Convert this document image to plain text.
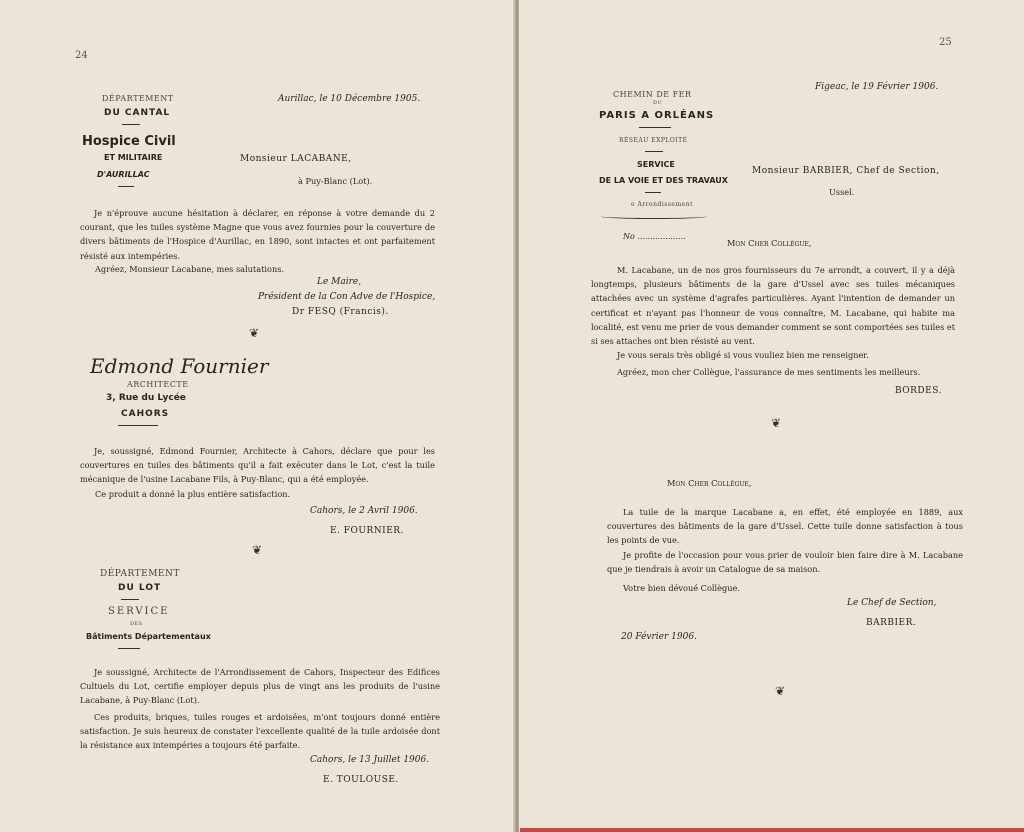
24
DÉPARTEMENT
DU CANTAL
Aurillac, le 10 Décembre 1905.
Hospice Civil
ET MILITAIRE
D'AURILLAC
Monsieur LACABANE,
à Puy-Blanc (Lot).
Je n'éprouve aucune hésitation à déclarer, en réponse à votre demande du 2 courant, que les tuiles système Magne que vous avez fournies pour la couverture de divers bâtiments de l'Hospice d'Aurillac, en 1890, sont intactes et ont parfaitement résisté aux intempéries.
Agréez, Monsieur Lacabane, mes salutations.
Le Maire,
Président de la Con Adve de l'Hospice,
Dr FESQ (Francis).
❦
Edmond Fournier
ARCHITECTE
3, Rue du Lycée
CAHORS
Je, soussigné, Edmond Fournier, Architecte à Cahors, déclare que pour les couvertures en tuiles des bâtiments qu'il a fait exécuter dans le Lot, c'est la tuile mécanique de l'usine Lacabane Fils, à Puy-Blanc, qui a été employée.
Ce produit a donné la plus entière satisfaction.
Cahors, le 2 Avril 1906.
E. FOURNIER.
❦
DÉPARTEMENT
DU LOT
SERVICE
DES
Bâtiments Départementaux
Je soussigné, Architecte de l'Arrondissement de Cahors, Inspecteur des Edifices Cultuels du Lot, certifie employer depuis plus de vingt ans les produits de l'usine Lacabane, à Puy-Blanc (Lot).
Ces produits, briques, tuiles rouges et ardoisées, m'ont toujours donné entière satisfaction. Je suis heureux de constater l'excellente qualité de la tuile ardoisée dont la résistance aux intempéries a toujours été parfaite.
Cahors, le 13 Juillet 1906.
E. TOULOUSE.
25
CHEMIN DE FER
DU
PARIS A ORLÉANS
RÉSEAU EXPLOITÉ
SERVICE
DE LA VOIE ET DES TRAVAUX
e Arrondissement
No ...................
Figeac, le 19 Février 1906.
Monsieur BARBIER, Chef de Section,
Ussel.
Mon Cher Collègue,
M. Lacabane, un de nos gros fournisseurs du 7e arrondt, a couvert, il y a déjà longtemps, plusieurs bâtiments de la gare d'Ussel avec ses tuiles mécaniques attachées avec un système d'agrafes particulières. Ayant l'intention de demander un certificat et n'ayant pas l'honneur de vous connaître, M. Lacabane, qui habite ma localité, est venu me prier de vous demander comment se sont comportées ses tuiles et si ses attaches ont bien résisté au vent.
Je vous serais très obligé si vous vouliez bien me renseigner.
Agréez, mon cher Collègue, l'assurance de mes sentiments les meilleurs.
BORDES.
❦
Mon Cher Collègue,
La tuile de la marque Lacabane a, en effet, été employée en 1889, aux couvertures des bâtiments de la gare d'Ussel. Cette tuile donne satisfaction à tous les points de vue.
Je profite de l'occasion pour vous prier de vouloir bien faire dire à M. Lacabane que je tiendrais à avoir un Catalogue de sa maison.
Votre bien dévoué Collègue.
Le Chef de Section,
BARBIER.
20 Février 1906.
❦
